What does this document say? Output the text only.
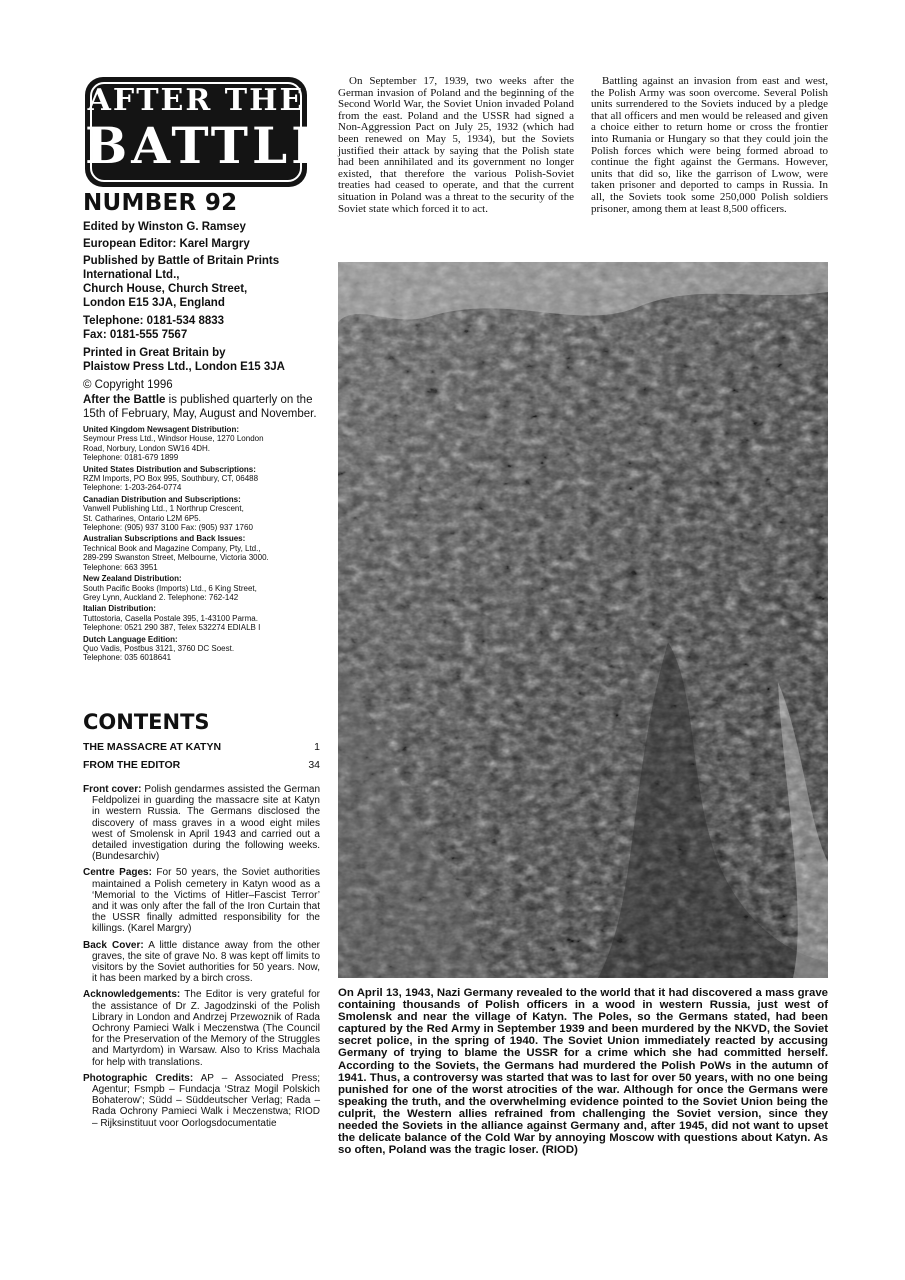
AFTER THE
BATTLE
NUMBER 92
Edited by Winston G. Ramsey
European Editor: Karel Margry
Published by Battle of Britain Prints
International Ltd.,
Church House, Church Street,
London E15 3JA, England
Telephone: 0181-534 8833
Fax: 0181-555 7567
Printed in Great Britain by
Plaistow Press Ltd., London E15 3JA
© Copyright 1996
After the Battle is published quarterly on the 15th of February, May, August and November.
United Kingdom Newsagent Distribution:
Seymour Press Ltd., Windsor House, 1270 London
Road, Norbury, London SW16 4DH.
Telephone: 0181-679 1899
United States Distribution and Subscriptions:
RZM Imports, PO Box 995, Southbury, CT, 06488
Telephone: 1-203-264-0774
Canadian Distribution and Subscriptions:
Vanwell Publishing Ltd., 1 Northrup Crescent,
St. Catharines, Ontario L2M 6P5.
Telephone: (905) 937 3100 Fax: (905) 937 1760
Australian Subscriptions and Back Issues:
Technical Book and Magazine Company, Pty, Ltd.,
289-299 Swanston Street, Melbourne, Victoria 3000.
Telephone: 663 3951
New Zealand Distribution:
South Pacific Books (Imports) Ltd., 6 King Street,
Grey Lynn, Auckland 2. Telephone: 762-142
Italian Distribution:
Tuttostoria, Casella Postale 395, 1-43100 Parma.
Telephone: 0521 290 387, Telex 532274 EDIALB I
Dutch Language Edition:
Quo Vadis, Postbus 3121, 3760 DC Soest.
Telephone: 035 6018641
CONTENTS
THE MASSACRE AT KATYN	1
FROM THE EDITOR	34

Front cover: Polish gendarmes assisted the German Feldpolizei in guarding the massacre site at Katyn in western Russia. The Germans disclosed the discovery of mass graves in a wood eight miles west of Smolensk in April 1943 and carried out a detailed investigation during the following weeks. (Bundesarchiv)

Centre Pages: For 50 years, the Soviet authorities maintained a Polish cemetery in Katyn wood as a ‘Memorial to the Victims of Hitler–Fascist Terror’ and it was only after the fall of the Iron Curtain that the USSR finally admitted responsibility for the killings. (Karel Margry)

Back Cover: A little distance away from the other graves, the site of grave No. 8 was kept off limits to visitors by the Soviet authorities for 50 years. Now, it has been marked by a birch cross.

Acknowledgements: The Editor is very grateful for the assistance of Dr Z. Jagodzinski of the Polish Library in London and Andrzej Przewoznik of Rada Ochrony Pamieci Walk i Meczenstwa (The Council for the Preservation of the Memory of the Struggles and Martyrdom) in Warsaw. Also to Kriss Machala for help with translations.

Photographic Credits: AP – Associated Press; Agentur; Fsmpb – Fundacja ‘Straz Mogil Polskich Bohaterow’; Südd – Süddeutscher Verlag; Rada – Rada Ochrony Pamieci Walk i Meczenstwa; RIOD – Rijksinstituut voor Oorlogsdocumentatie

On September 17, 1939, two weeks after the German invasion of Poland and the beginning of the Second World War, the Soviet Union invaded Poland from the east. Poland and the USSR had signed a Non-Aggression Pact on July 25, 1932 (which had been renewed on May 5, 1934), but the Soviets justified their attack by saying that the Polish state had been annihilated and its government no longer existed, that therefore the various Polish-Soviet treaties had ceased to operate, and that the current situation in Poland was a threat to the security of the Soviet state which forced it to act.
Battling against an invasion from east and west, the Polish Army was soon overcome. Several Polish units surrendered to the Soviets induced by a pledge that all officers and men would be released and given a choice either to return home or cross the frontier into Rumania or Hungary so that they could join the Polish forces which were being formed abroad to continue the fight against the Germans. However, units that did so, like the garrison of Lwow, were taken prisoner and deported to camps in Russia. In all, the Soviets took some 250,000 Polish soldiers prisoner, among them at least 8,500 officers.
On April 13, 1943, Nazi Germany revealed to the world that it had discovered a mass grave containing thousands of Polish officers in a wood in western Russia, just west of Smolensk and near the village of Katyn. The Poles, so the Germans stated, had been captured by the Red Army in September 1939 and been murdered by the NKVD, the Soviet secret police, in the spring of 1940. The Soviet Union immediately reacted by accusing Germany of trying to blame the USSR for a crime which she had committed herself. According to the Soviets, the Germans had murdered the Polish PoWs in the autumn of 1941. Thus, a controversy was started that was to last for over 50 years, with no one being punished for one of the worst atrocities of the war. Although for once the Germans were speaking the truth, and the overwhelming evidence pointed to the Soviet Union being the culprit, the Western allies refrained from challenging the Soviet version, since they needed the Soviets in the alliance against Germany and, after 1945, did not want to upset the delicate balance of the Cold War by annoying Moscow with questions about Katyn. As so often, Poland was the tragic loser. (RIOD)
